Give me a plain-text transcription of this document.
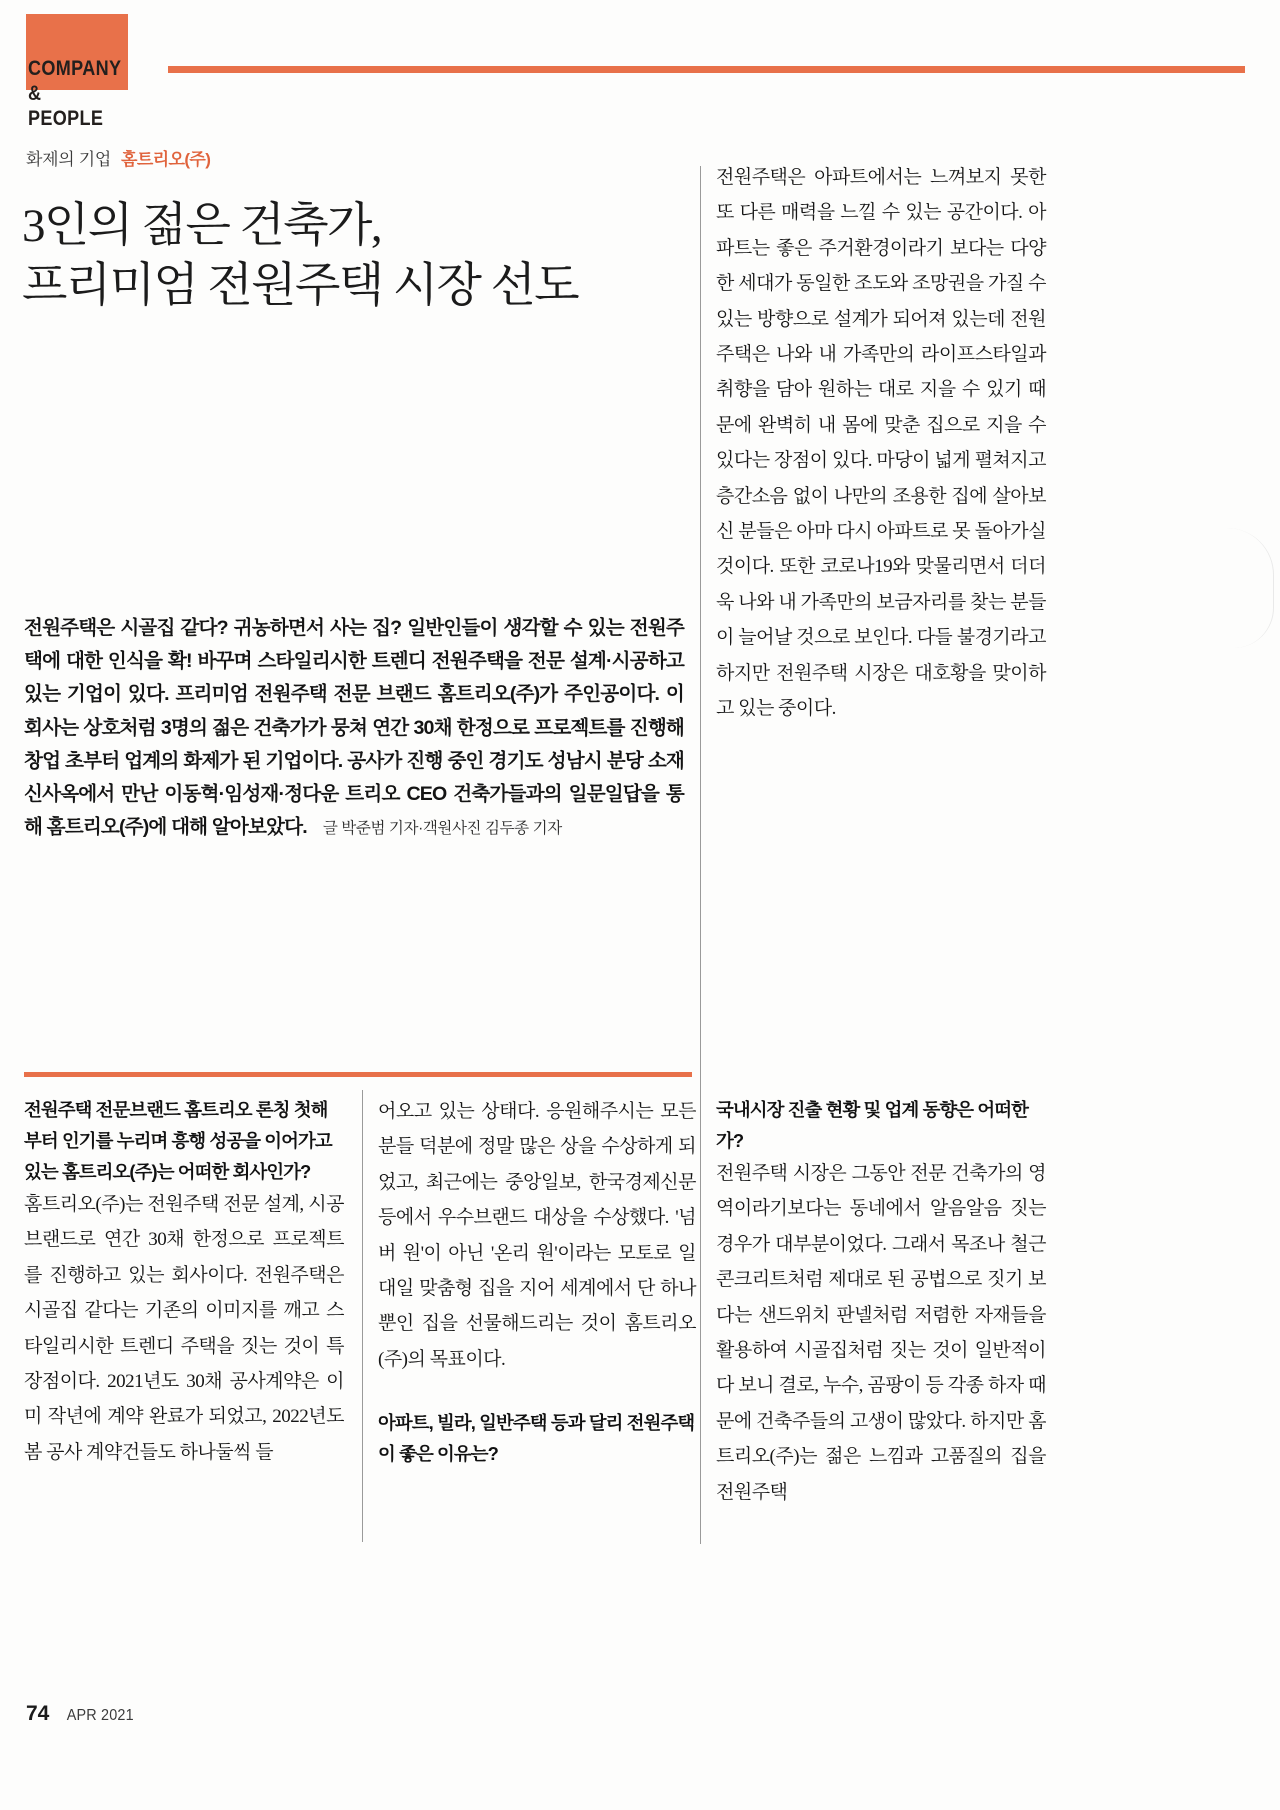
COMPANY
&
PEOPLE
화제의 기업 홈트리오(주)
3인의 젊은 건축가,
프리미엄 전원주택 시장 선도
전원주택은 시골집 같다? 귀농하면서 사는 집? 일반인들이 생각할 수 있는 전원주택에 대한 인식을 확! 바꾸며 스타일리시한 트렌디 전원주택을 전문 설계·시공하고 있는 기업이 있다. 프리미엄 전원주택 전문 브랜드 홈트리오(주)가 주인공이다. 이 회사는 상호처럼 3명의 젊은 건축가가 뭉쳐 연간 30채 한정으로 프로젝트를 진행해 창업 초부터 업계의 화제가 된 기업이다. 공사가 진행 중인 경기도 성남시 분당 소재 신사옥에서 만난 이동혁·임성재·정다운 트리오 CEO 건축가들과의 일문일답을 통해 홈트리오(주)에 대해 알아보았다. 글 박준범 기자·객원사진 김두종 기자

전원주택은 아파트에서는 느껴보지 못한 또 다른 매력을 느낄 수 있는 공간이다. 아파트는 좋은 주거환경이라기 보다는 다양한 세대가 동일한 조도와 조망권을 가질 수 있는 방향으로 설계가 되어져 있는데 전원주택은 나와 내 가족만의 라이프스타일과 취향을 담아 원하는 대로 지을 수 있기 때문에 완벽히 내 몸에 맞춘 집으로 지을 수 있다는 장점이 있다. 마당이 넓게 펼쳐지고 층간소음 없이 나만의 조용한 집에 살아보신 분들은 아마 다시 아파트로 못 돌아가실 것이다. 또한 코로나19와 맞물리면서 더더욱 나와 내 가족만의 보금자리를 찾는 분들이 늘어날 것으로 보인다. 다들 불경기라고 하지만 전원주택 시장은 대호황을 맞이하고 있는 중이다.

전원주택 전문브랜드 홈트리오 론칭 첫해부터 인기를 누리며 흥행 성공을 이어가고 있는 홈트리오(주)는 어떠한 회사인가?

홈트리오(주)는 전원주택 전문 설계, 시공 브랜드로 연간 30채 한정으로 프로젝트를 진행하고 있는 회사이다. 전원주택은 시골집 같다는 기존의 이미지를 깨고 스타일리시한 트렌디 주택을 짓는 것이 특장점이다. 2021년도 30채 공사계약은 이미 작년에 계약 완료가 되었고, 2022년도 봄 공사 계약건들도 하나둘씩 들

어오고 있는 상태다. 응원해주시는 모든 분들 덕분에 정말 많은 상을 수상하게 되었고, 최근에는 중앙일보, 한국경제신문 등에서 우수브랜드 대상을 수상했다. '넘버 원'이 아닌 '온리 원'이라는 모토로 일대일 맞춤형 집을 지어 세계에서 단 하나뿐인 집을 선물해드리는 것이 홈트리오(주)의 목표이다.

아파트, 빌라, 일반주택 등과 달리 전원주택이 좋은 이유는?

국내시장 진출 현황 및 업계 동향은 어떠한가?

전원주택 시장은 그동안 전문 건축가의 영역이라기보다는 동네에서 알음알음 짓는 경우가 대부분이었다. 그래서 목조나 철근콘크리트처럼 제대로 된 공법으로 짓기 보다는 샌드위치 판넬처럼 저렴한 자재들을 활용하여 시골집처럼 짓는 것이 일반적이다 보니 결로, 누수, 곰팡이 등 각종 하자 때문에 건축주들의 고생이 많았다. 하지만 홈트리오(주)는 젊은 느낌과 고품질의 집을 전원주택

74 APR 2021
